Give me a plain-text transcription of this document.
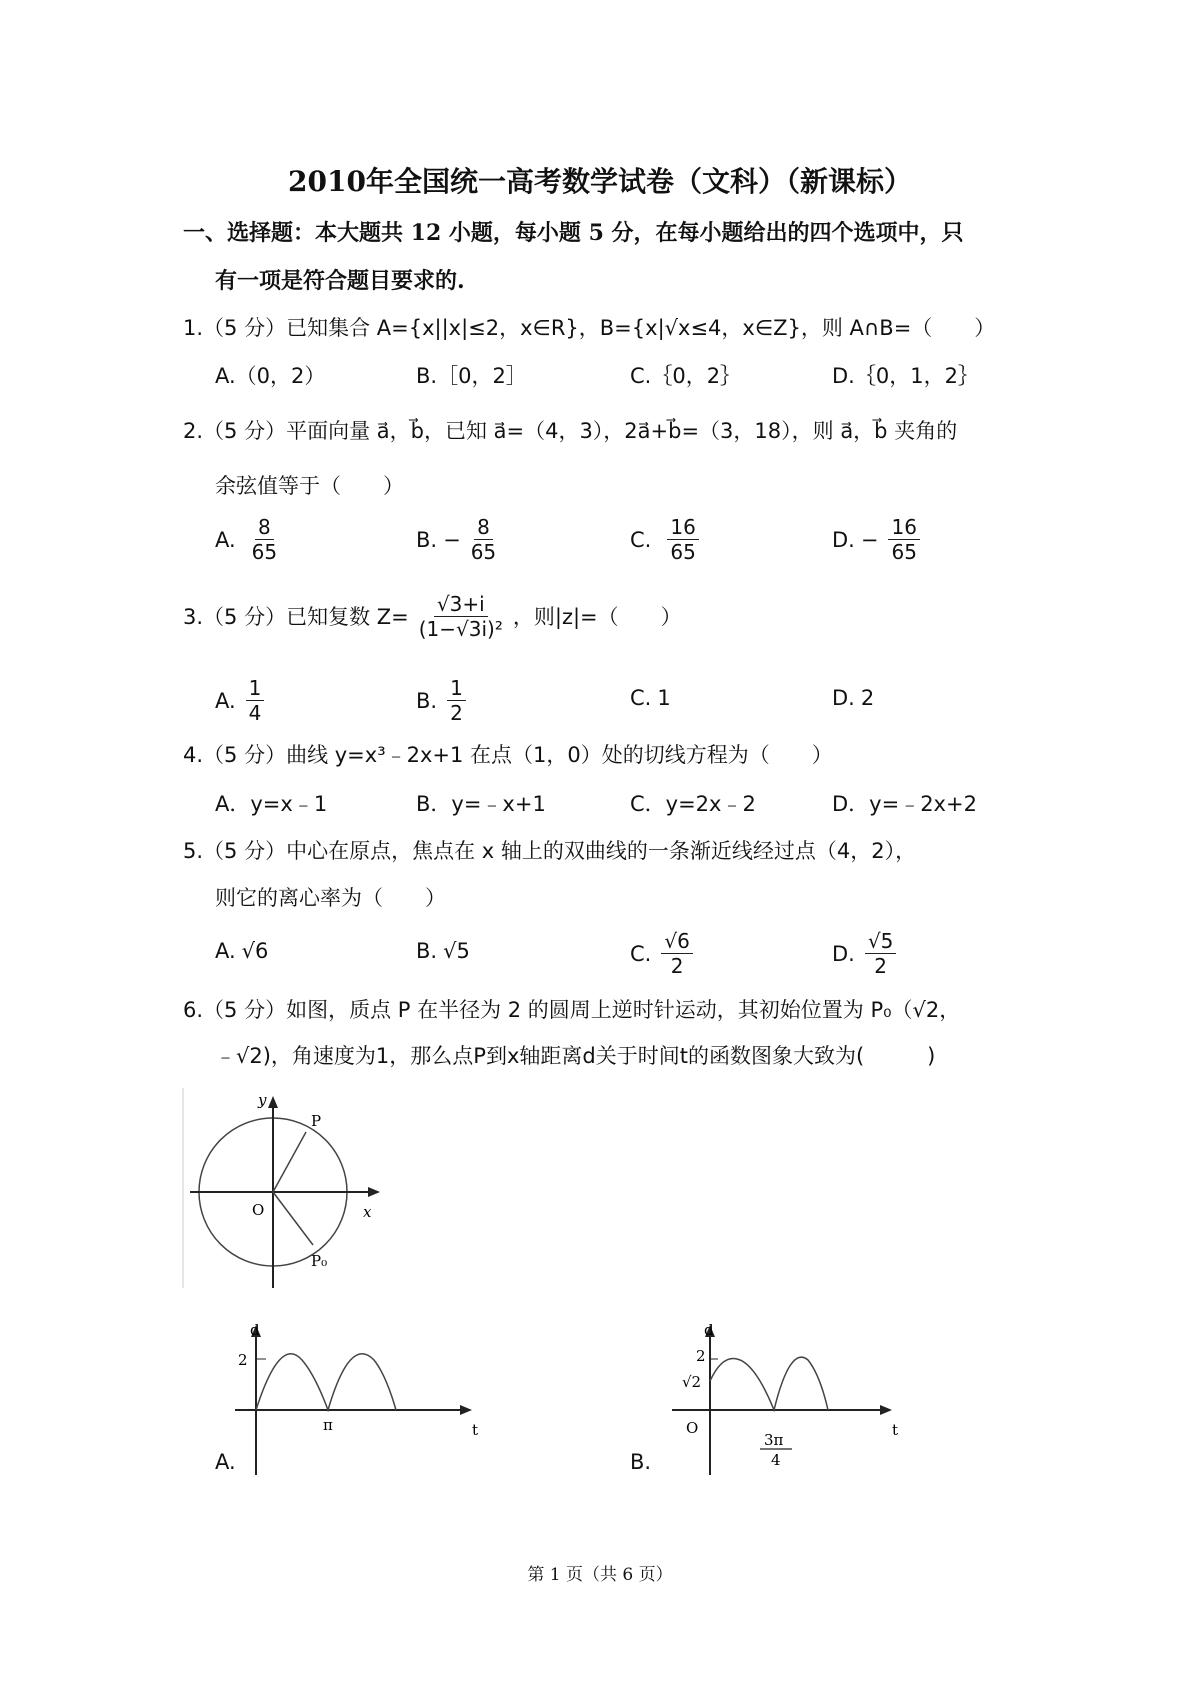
2010年全国统一高考数学试卷（文科）（新课标）
一、选择题：本大题共 12 小题，每小题 5 分，在每小题给出的四个选项中，只
有一项是符合题目要求的.
1.（5 分）已知集合 A={x||x|≤2，x∈R}，B={x|√x≤4，x∈Z}，则 A∩B=（　　）
A.（0，2）	B.［0，2］	C.｛0，2｝	D.｛0，1，2｝
2.（5 分）平面向量 a⃗，b⃗，已知 a⃗=（4，3），2a⃗+b⃗=（3，18），则 a⃗，b⃗ 夹角的
余弦值等于（　　）
A. $\frac{8}{65}$	B. − $\frac{8}{65}$	C. $\frac{16}{65}$	D. − $\frac{16}{65}$
3.（5 分）已知复数 $Z= \frac{√3+i}{\text{(1−√3i)²}}$ ，则|z|=（　　）
A. $\frac{1}{4}$	B. $\frac{1}{2}$	C. 1	D. 2
4.（5 分）曲线 y=x³﹣2x+1 在点（1，0）处的切线方程为（　　）
A．y=x﹣1	B．y=﹣x+1	C．y=2x﹣2	D．y=﹣2x+2
5.（5 分）中心在原点，焦点在 x 轴上的双曲线的一条渐近线经过点（4，2），
则它的离心率为（　　）
A. √6	B. √5	C. $\frac{√6}{2}$	D. $\frac{√5}{2}$
6.（5 分）如图，质点 P 在半径为 2 的圆周上逆时针运动，其初始位置为 P₀（√2，
﹣√2)，角速度为1，那么点P到x轴距离d关于时间t的函数图象大致为(　　　)
y
x
O
P
P₀
d
t
2
π
A.
d
t
2
√2
O
3π
4
B.
第 1 页（共 6 页）
